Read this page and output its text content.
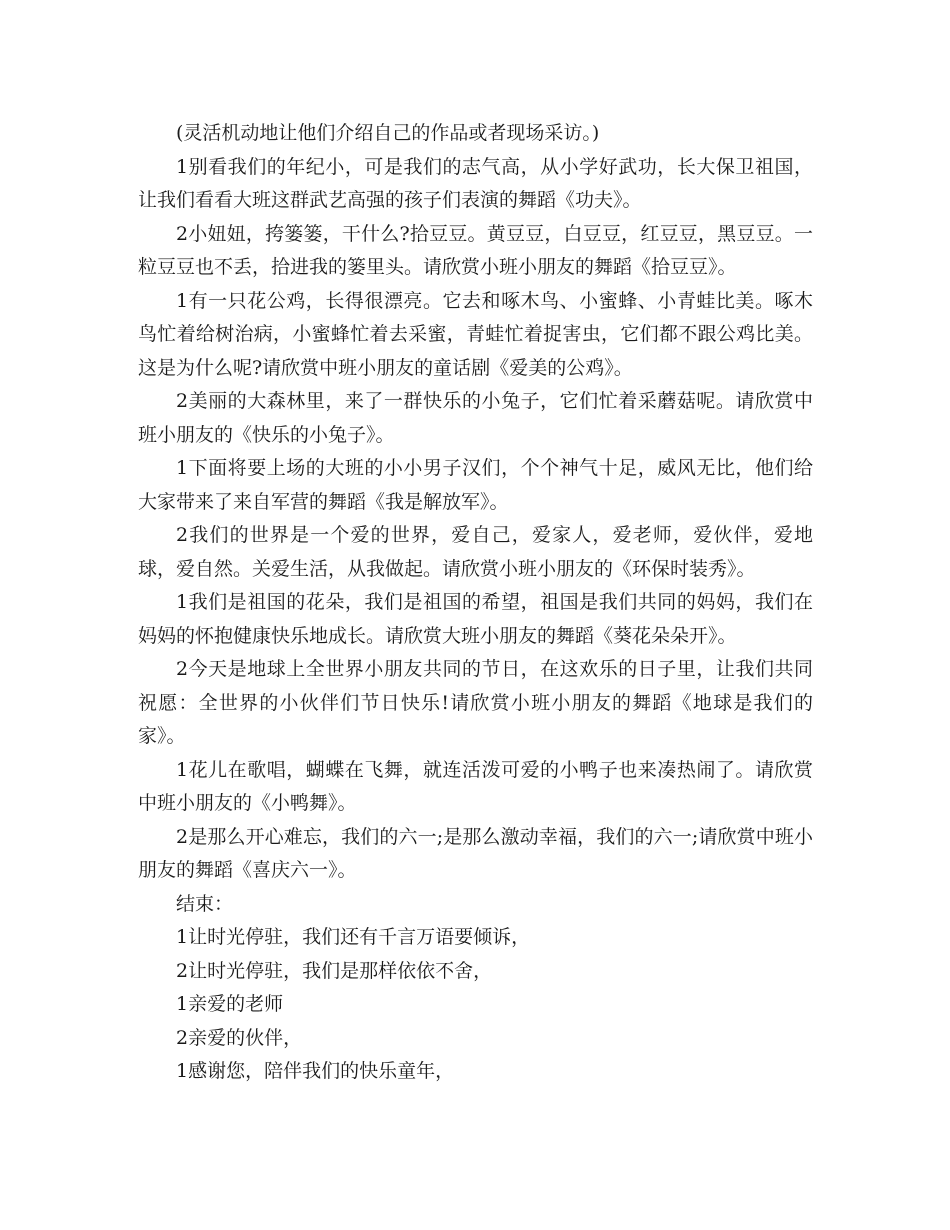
(灵活机动地让他们介绍自己的作品或者现场采访。)

1别看我们的年纪小，可是我们的志气高，从小学好武功，长大保卫祖国，让我们看看大班这群武艺高强的孩子们表演的舞蹈《功夫》。

2小妞妞，挎篓篓，干什么?拾豆豆。黄豆豆，白豆豆，红豆豆，黑豆豆。一粒豆豆也不丢，拾进我的篓里头。请欣赏小班小朋友的舞蹈《拾豆豆》。

1有一只花公鸡，长得很漂亮。它去和啄木鸟、小蜜蜂、小青蛙比美。啄木鸟忙着给树治病，小蜜蜂忙着去采蜜，青蛙忙着捉害虫，它们都不跟公鸡比美。这是为什么呢?请欣赏中班小朋友的童话剧《爱美的公鸡》。

2美丽的大森林里，来了一群快乐的小兔子，它们忙着采蘑菇呢。请欣赏中班小朋友的《快乐的小兔子》。

1下面将要上场的大班的小小男子汉们，个个神气十足，威风无比，他们给大家带来了来自军营的舞蹈《我是解放军》。

2我们的世界是一个爱的世界，爱自己，爱家人，爱老师，爱伙伴，爱地球，爱自然。关爱生活，从我做起。请欣赏小班小朋友的《环保时装秀》。

1我们是祖国的花朵，我们是祖国的希望，祖国是我们共同的妈妈，我们在妈妈的怀抱健康快乐地成长。请欣赏大班小朋友的舞蹈《葵花朵朵开》。

2今天是地球上全世界小朋友共同的节日，在这欢乐的日子里，让我们共同祝愿：全世界的小伙伴们节日快乐!请欣赏小班小朋友的舞蹈《地球是我们的家》。

1花儿在歌唱，蝴蝶在飞舞，就连活泼可爱的小鸭子也来凑热闹了。请欣赏中班小朋友的《小鸭舞》。

2是那么开心难忘，我们的六一;是那么激动幸福，我们的六一;请欣赏中班小朋友的舞蹈《喜庆六一》。

结束：

1让时光停驻，我们还有千言万语要倾诉，

2让时光停驻，我们是那样依依不舍，

1亲爱的老师

2亲爱的伙伴，

1感谢您，陪伴我们的快乐童年，
